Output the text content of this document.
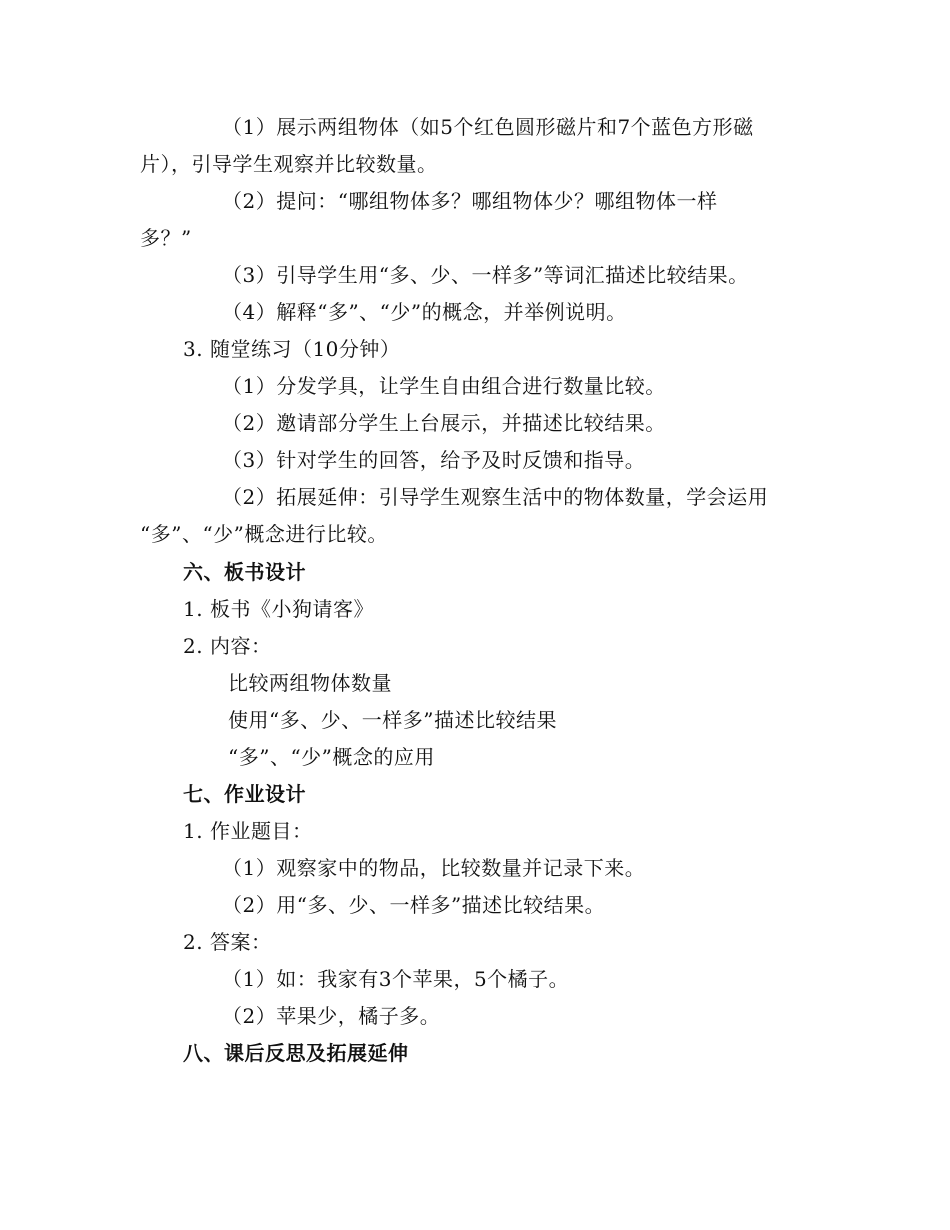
（1）展示两组物体（如5个红色圆形磁片和7个蓝色方形磁
片），引导学生观察并比较数量。
（2）提问：“哪组物体多？哪组物体少？哪组物体一样
多？”
（3）引导学生用“多、少、一样多”等词汇描述比较结果。
（4）解释“多”、“少”的概念，并举例说明。
3. 随堂练习（10分钟）
（1）分发学具，让学生自由组合进行数量比较。
（2）邀请部分学生上台展示，并描述比较结果。
（3）针对学生的回答，给予及时反馈和指导。
（2）拓展延伸：引导学生观察生活中的物体数量，学会运用
“多”、“少”概念进行比较。
六、板书设计
1. 板书《小狗请客》
2. 内容：
比较两组物体数量
使用“多、少、一样多”描述比较结果
“多”、“少”概念的应用
七、作业设计
1. 作业题目：
（1）观察家中的物品，比较数量并记录下来。
（2）用“多、少、一样多”描述比较结果。
2. 答案：
（1）如：我家有3个苹果，5个橘子。
（2）苹果少，橘子多。
八、课后反思及拓展延伸
